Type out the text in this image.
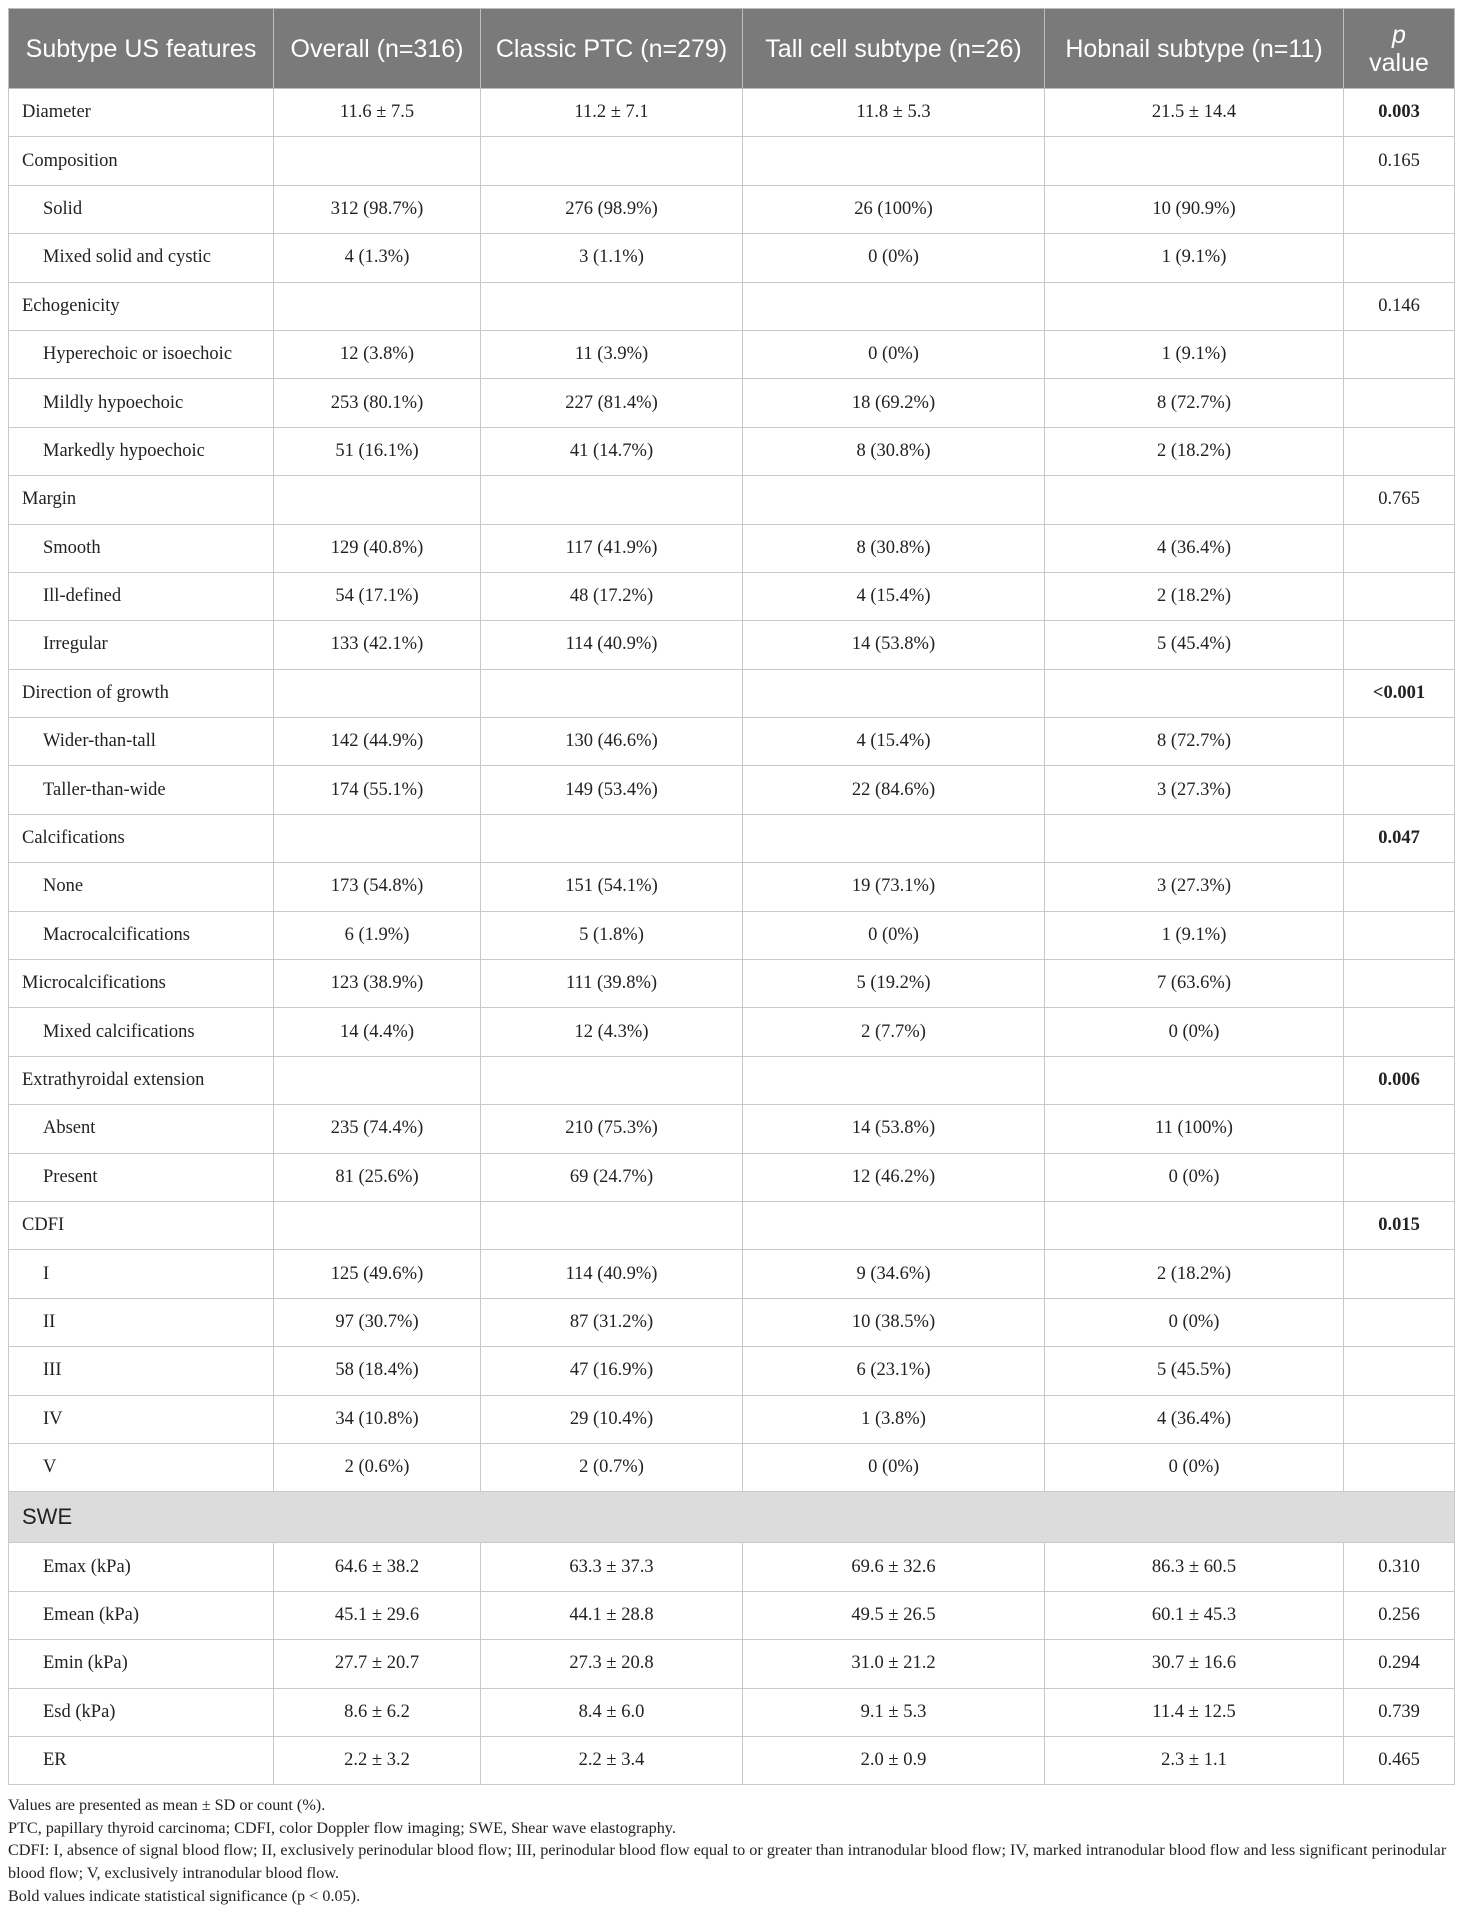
Subtype US features	Overall (n=316)	Classic PTC (n=279)	Tall cell subtype (n=26)	Hobnail subtype (n=11)	p
value
Diameter	11.6 ± 7.5	11.2 ± 7.1	11.8 ± 5.3	21.5 ± 14.4	0.003
Composition					0.165
Solid	312 (98.7%)	276 (98.9%)	26 (100%)	10 (90.9%)	
Mixed solid and cystic	4 (1.3%)	3 (1.1%)	0 (0%)	1 (9.1%)	
Echogenicity					0.146
Hyperechoic or isoechoic	12 (3.8%)	11 (3.9%)	0 (0%)	1 (9.1%)	
Mildly hypoechoic	253 (80.1%)	227 (81.4%)	18 (69.2%)	8 (72.7%)	
Markedly hypoechoic	51 (16.1%)	41 (14.7%)	8 (30.8%)	2 (18.2%)	
Margin					0.765
Smooth	129 (40.8%)	117 (41.9%)	8 (30.8%)	4 (36.4%)	
Ill-defined	54 (17.1%)	48 (17.2%)	4 (15.4%)	2 (18.2%)	
Irregular	133 (42.1%)	114 (40.9%)	14 (53.8%)	5 (45.4%)	
Direction of growth					<0.001
Wider-than-tall	142 (44.9%)	130 (46.6%)	4 (15.4%)	8 (72.7%)	
Taller-than-wide	174 (55.1%)	149 (53.4%)	22 (84.6%)	3 (27.3%)	
Calcifications					0.047
None	173 (54.8%)	151 (54.1%)	19 (73.1%)	3 (27.3%)	
Macrocalcifications	6 (1.9%)	5 (1.8%)	0 (0%)	1 (9.1%)	
Microcalcifications	123 (38.9%)	111 (39.8%)	5 (19.2%)	7 (63.6%)	
Mixed calcifications	14 (4.4%)	12 (4.3%)	2 (7.7%)	0 (0%)	
Extrathyroidal extension					0.006
Absent	235 (74.4%)	210 (75.3%)	14 (53.8%)	11 (100%)	
Present	81 (25.6%)	69 (24.7%)	12 (46.2%)	0 (0%)	
CDFI					0.015
I	125 (49.6%)	114 (40.9%)	9 (34.6%)	2 (18.2%)	
II	97 (30.7%)	87 (31.2%)	10 (38.5%)	0 (0%)	
III	58 (18.4%)	47 (16.9%)	6 (23.1%)	5 (45.5%)	
IV	34 (10.8%)	29 (10.4%)	1 (3.8%)	4 (36.4%)	
V	2 (0.6%)	2 (0.7%)	0 (0%)	0 (0%)	
SWE					
Emax (kPa)	64.6 ± 38.2	63.3 ± 37.3	69.6 ± 32.6	86.3 ± 60.5	0.310
Emean (kPa)	45.1 ± 29.6	44.1 ± 28.8	49.5 ± 26.5	60.1 ± 45.3	0.256
Emin (kPa)	27.7 ± 20.7	27.3 ± 20.8	31.0 ± 21.2	30.7 ± 16.6	0.294
Esd (kPa)	8.6 ± 6.2	8.4 ± 6.0	9.1 ± 5.3	11.4 ± 12.5	0.739
ER	2.2 ± 3.2	2.2 ± 3.4	2.0 ± 0.9	2.3 ± 1.1	0.465
Values are presented as mean ± SD or count (%).
PTC, papillary thyroid carcinoma; CDFI, color Doppler flow imaging; SWE, Shear wave elastography.
CDFI: I, absence of signal blood flow; II, exclusively perinodular blood flow; III, perinodular blood flow equal to or greater than intranodular blood flow; IV, marked intranodular blood flow and less significant perinodular blood flow; V, exclusively intranodular blood flow.
Bold values indicate statistical significance (p < 0.05).
